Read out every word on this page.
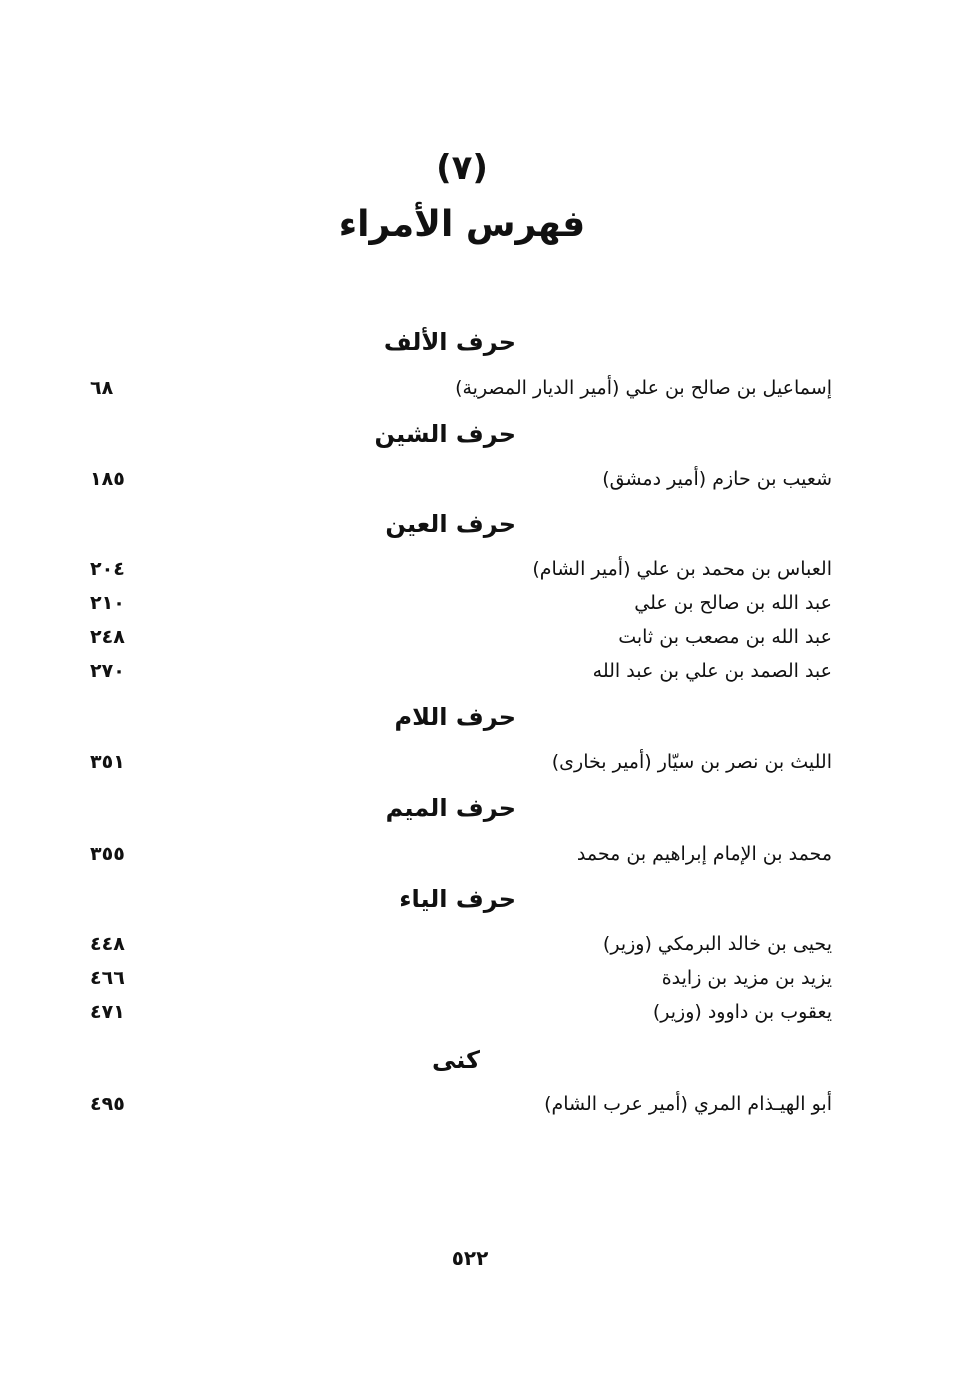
(٧)
فهرس الأمراء
حرف الألف
إسماعيل بن صالح بن علي (أمير الديار المصرية)
٦٨
حرف الشين
شعيب بن حازم (أمير دمشق)
١٨٥
حرف العين
العباس بن محمد بن علي (أمير الشام)
٢٠٤
عبد الله بن صالح بن علي
٢١٠
عبد الله بن مصعب بن ثابت
٢٤٨
عبد الصمد بن علي بن عبد الله
٢٧٠
حرف اللام
الليث بن نصر بن سيّار (أمير بخارى)
٣٥١
حرف الميم
محمد بن الإمام إبراهيم بن محمد
٣٥٥
حرف الياء
يحيى بن خالد البرمكي (وزير)
٤٤٨
يزيد بن مزيد بن زايدة
٤٦٦
يعقوب بن داوود (وزير)
٤٧١
كنى
أبو الهيـذام المري (أمير عرب الشام)
٤٩٥
٥٢٢
